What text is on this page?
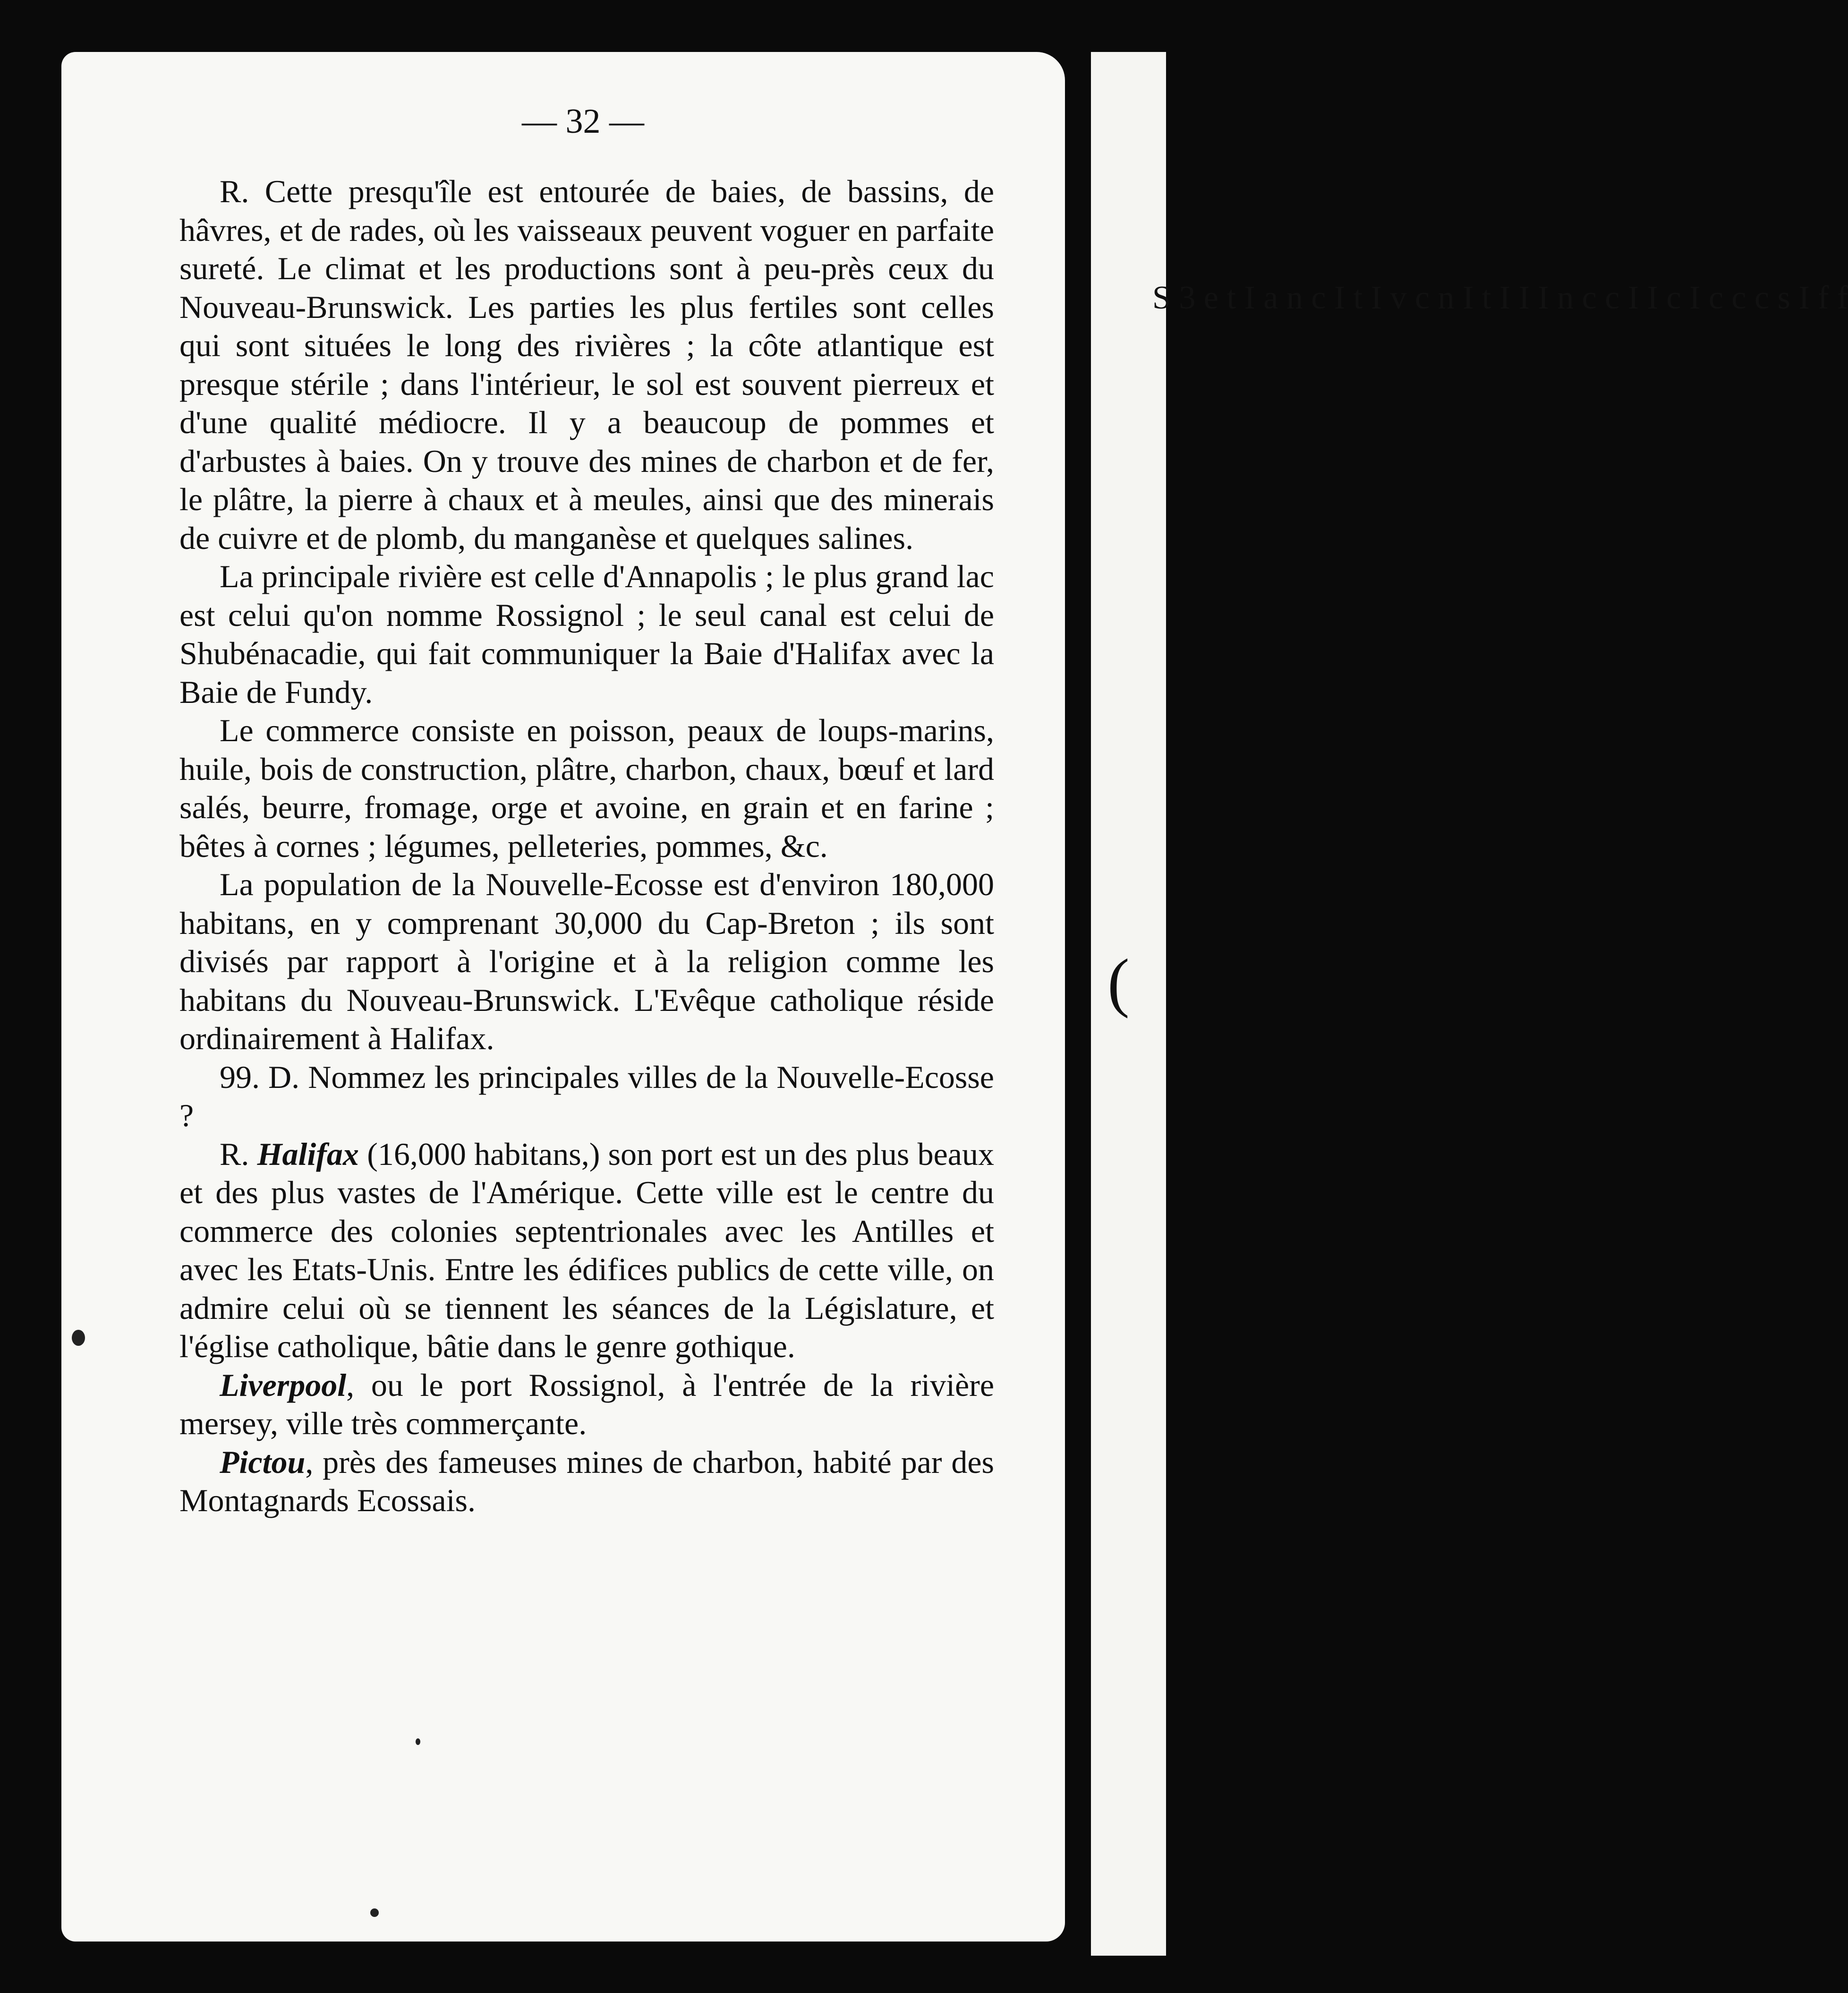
S 3 e t I a n c I t I v c n I t I I I n c c I I c I c c c s I f f
(
— 32 —

R. Cette presqu'île est entourée de baies, de bassins, de hâvres, et de rades, où les vaisseaux peuvent voguer en parfaite sureté. Le climat et les productions sont à peu-près ceux du Nouveau-Brunswick. Les parties les plus fertiles sont celles qui sont situées le long des rivières ; la côte atlantique est presque stérile ; dans l'intérieur, le sol est souvent pierreux et d'une qualité médiocre. Il y a beaucoup de pommes et d'arbustes à baies. On y trouve des mines de charbon et de fer, le plâtre, la pierre à chaux et à meules, ainsi que des minerais de cuivre et de plomb, du manganèse et quelques salines.

La principale rivière est celle d'Annapolis ; le plus grand lac est celui qu'on nomme Rossignol ; le seul canal est celui de Shubénacadie, qui fait communiquer la Baie d'Halifax avec la Baie de Fundy.

Le commerce consiste en poisson, peaux de loups-marins, huile, bois de construction, plâtre, charbon, chaux, bœuf et lard salés, beurre, fromage, orge et avoine, en grain et en farine ; bêtes à cornes ; légumes, pelleteries, pommes, &c.

La population de la Nouvelle-Ecosse est d'environ 180,000 habitans, en y comprenant 30,000 du Cap-Breton ; ils sont divisés par rapport à l'origine et à la religion comme les habitans du Nouveau-Brunswick. L'Evêque catholique réside ordinairement à Halifax.

99. D. Nommez les principales villes de la Nouvelle-Ecosse ?

R. Halifax (16,000 habitans,) son port est un des plus beaux et des plus vastes de l'Amérique. Cette ville est le centre du commerce des colonies septentrionales avec les Antilles et avec les Etats-Unis. Entre les édifices publics de cette ville, on admire celui où se tiennent les séances de la Législature, et l'église catholique, bâtie dans le genre gothique.

Liverpool, ou le port Rossignol, à l'entrée de la rivière mersey, ville très commerçante.

Pictou, près des fameuses mines de charbon, habité par des Montagnards Ecossais.
